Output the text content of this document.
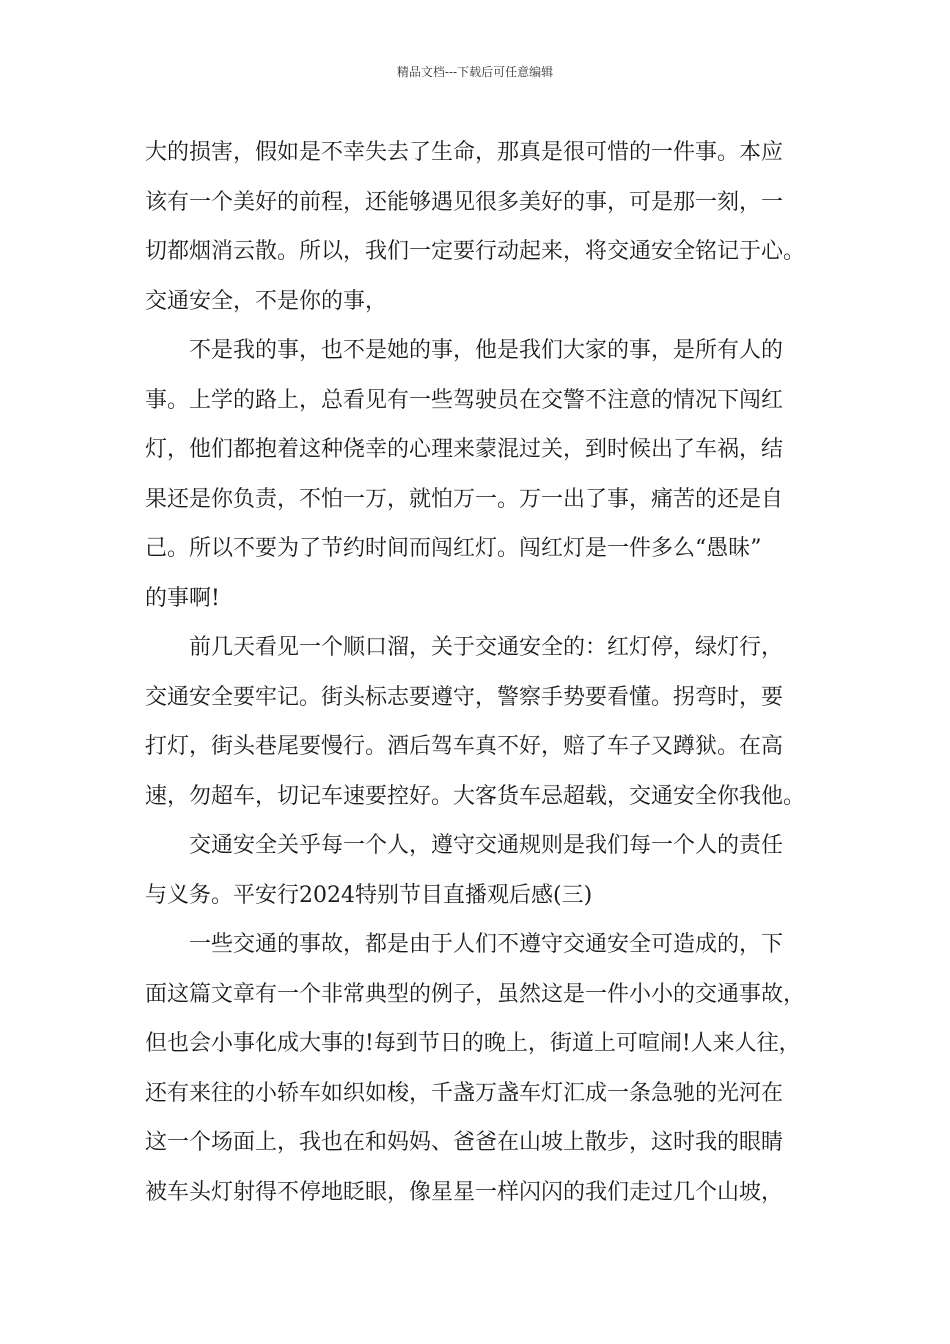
精品文档---下载后可任意编辑
大的损害，假如是不幸失去了生命，那真是很可惜的一件事。本应
该有一个美好的前程，还能够遇见很多美好的事，可是那一刻，一
切都烟消云散。所以，我们一定要行动起来，将交通安全铭记于心。
交通安全，不是你的事，
不是我的事，也不是她的事，他是我们大家的事，是所有人的
事。上学的路上，总看见有一些驾驶员在交警不注意的情况下闯红
灯，他们都抱着这种侥幸的心理来蒙混过关，到时候出了车祸，结
果还是你负责，不怕一万，就怕万一。万一出了事，痛苦的还是自
己。所以不要为了节约时间而闯红灯。闯红灯是一件多么“愚昧”
的事啊!
前几天看见一个顺口溜，关于交通安全的：红灯停，绿灯行，
交通安全要牢记。街头标志要遵守，警察手势要看懂。拐弯时，要
打灯，街头巷尾要慢行。酒后驾车真不好，赔了车子又蹲狱。在高
速，勿超车，切记车速要控好。大客货车忌超载，交通安全你我他。
交通安全关乎每一个人，遵守交通规则是我们每一个人的责任
与义务。平安行2024特别节目直播观后感(三)
一些交通的事故，都是由于人们不遵守交通安全可造成的，下
面这篇文章有一个非常典型的例子，虽然这是一件小小的交通事故，
但也会小事化成大事的!每到节日的晚上，街道上可喧闹!人来人往，
还有来往的小轿车如织如梭，千盏万盏车灯汇成一条急驰的光河在
这一个场面上，我也在和妈妈、爸爸在山坡上散步，这时我的眼睛
被车头灯射得不停地眨眼，像星星一样闪闪的我们走过几个山坡，
